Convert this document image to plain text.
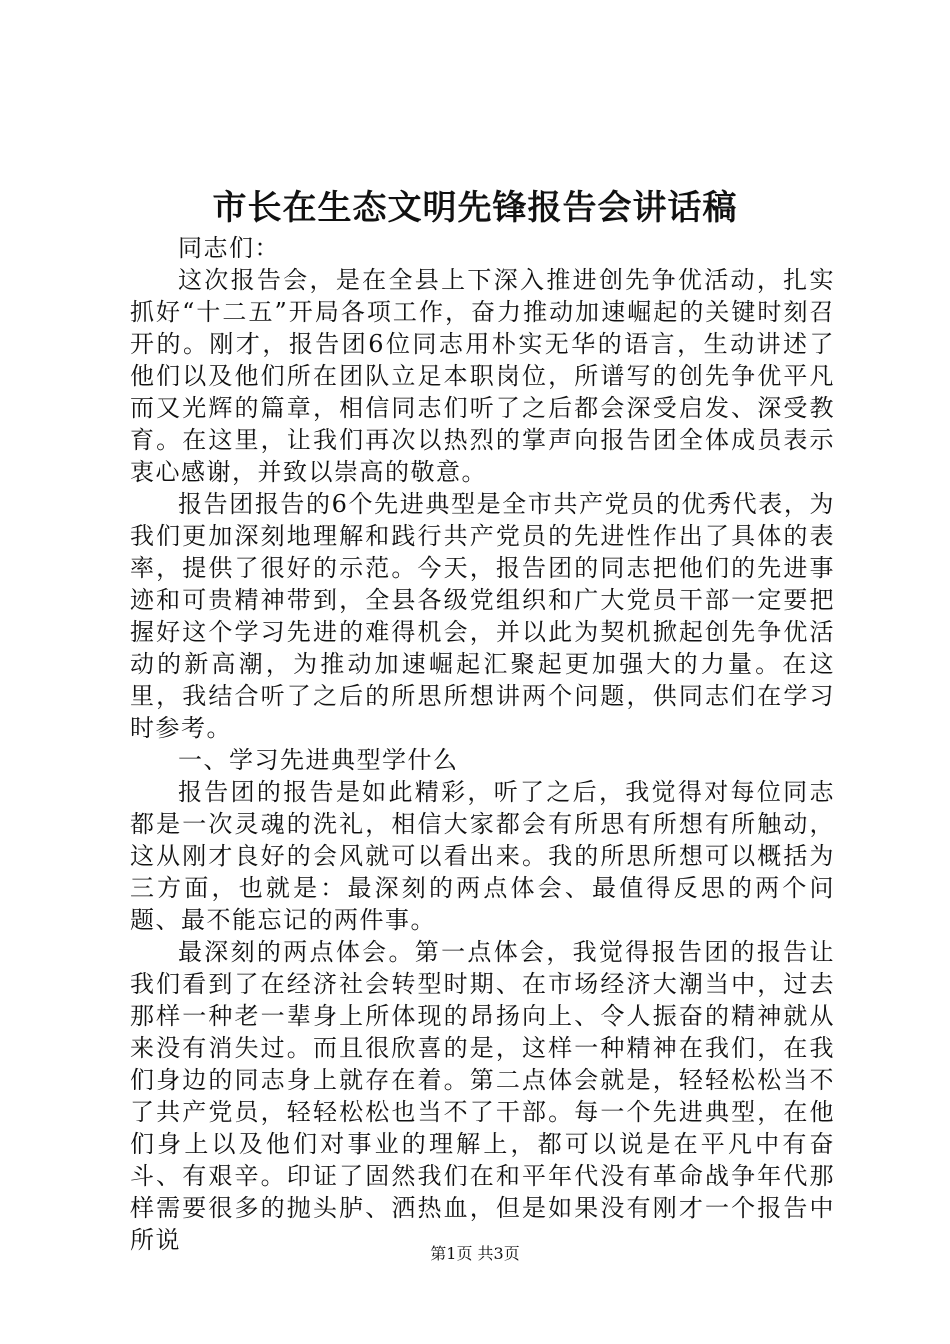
市长在生态文明先锋报告会讲话稿

同志们：

这次报告会，是在全县上下深入推进创先争优活动，扎实抓好“十二五”开局各项工作，奋力推动加速崛起的关键时刻召开的。刚才，报告团6位同志用朴实无华的语言，生动讲述了他们以及他们所在团队立足本职岗位，所谱写的创先争优平凡而又光辉的篇章，相信同志们听了之后都会深受启发、深受教育。在这里，让我们再次以热烈的掌声向报告团全体成员表示衷心感谢，并致以崇高的敬意。

报告团报告的6个先进典型是全市共产党员的优秀代表，为我们更加深刻地理解和践行共产党员的先进性作出了具体的表率，提供了很好的示范。今天，报告团的同志把他们的先进事迹和可贵精神带到，全县各级党组织和广大党员干部一定要把握好这个学习先进的难得机会，并以此为契机掀起创先争优活动的新高潮，为推动加速崛起汇聚起更加强大的力量。在这里，我结合听了之后的所思所想讲两个问题，供同志们在学习时参考。

一、学习先进典型学什么

报告团的报告是如此精彩，听了之后，我觉得对每位同志都是一次灵魂的洗礼，相信大家都会有所思有所想有所触动，这从刚才良好的会风就可以看出来。我的所思所想可以概括为三方面，也就是：最深刻的两点体会、最值得反思的两个问题、最不能忘记的两件事。

最深刻的两点体会。第一点体会，我觉得报告团的报告让我们看到了在经济社会转型时期、在市场经济大潮当中，过去那样一种老一辈身上所体现的昂扬向上、令人振奋的精神就从来没有消失过。而且很欣喜的是，这样一种精神在我们，在我们身边的同志身上就存在着。第二点体会就是，轻轻松松当不了共产党员，轻轻松松也当不了干部。每一个先进典型，在他们身上以及他们对事业的理解上，都可以说是在平凡中有奋斗、有艰辛。印证了固然我们在和平年代没有革命战争年代那样需要很多的抛头胪、洒热血，但是如果没有刚才一个报告中所说	第1页 共3页
